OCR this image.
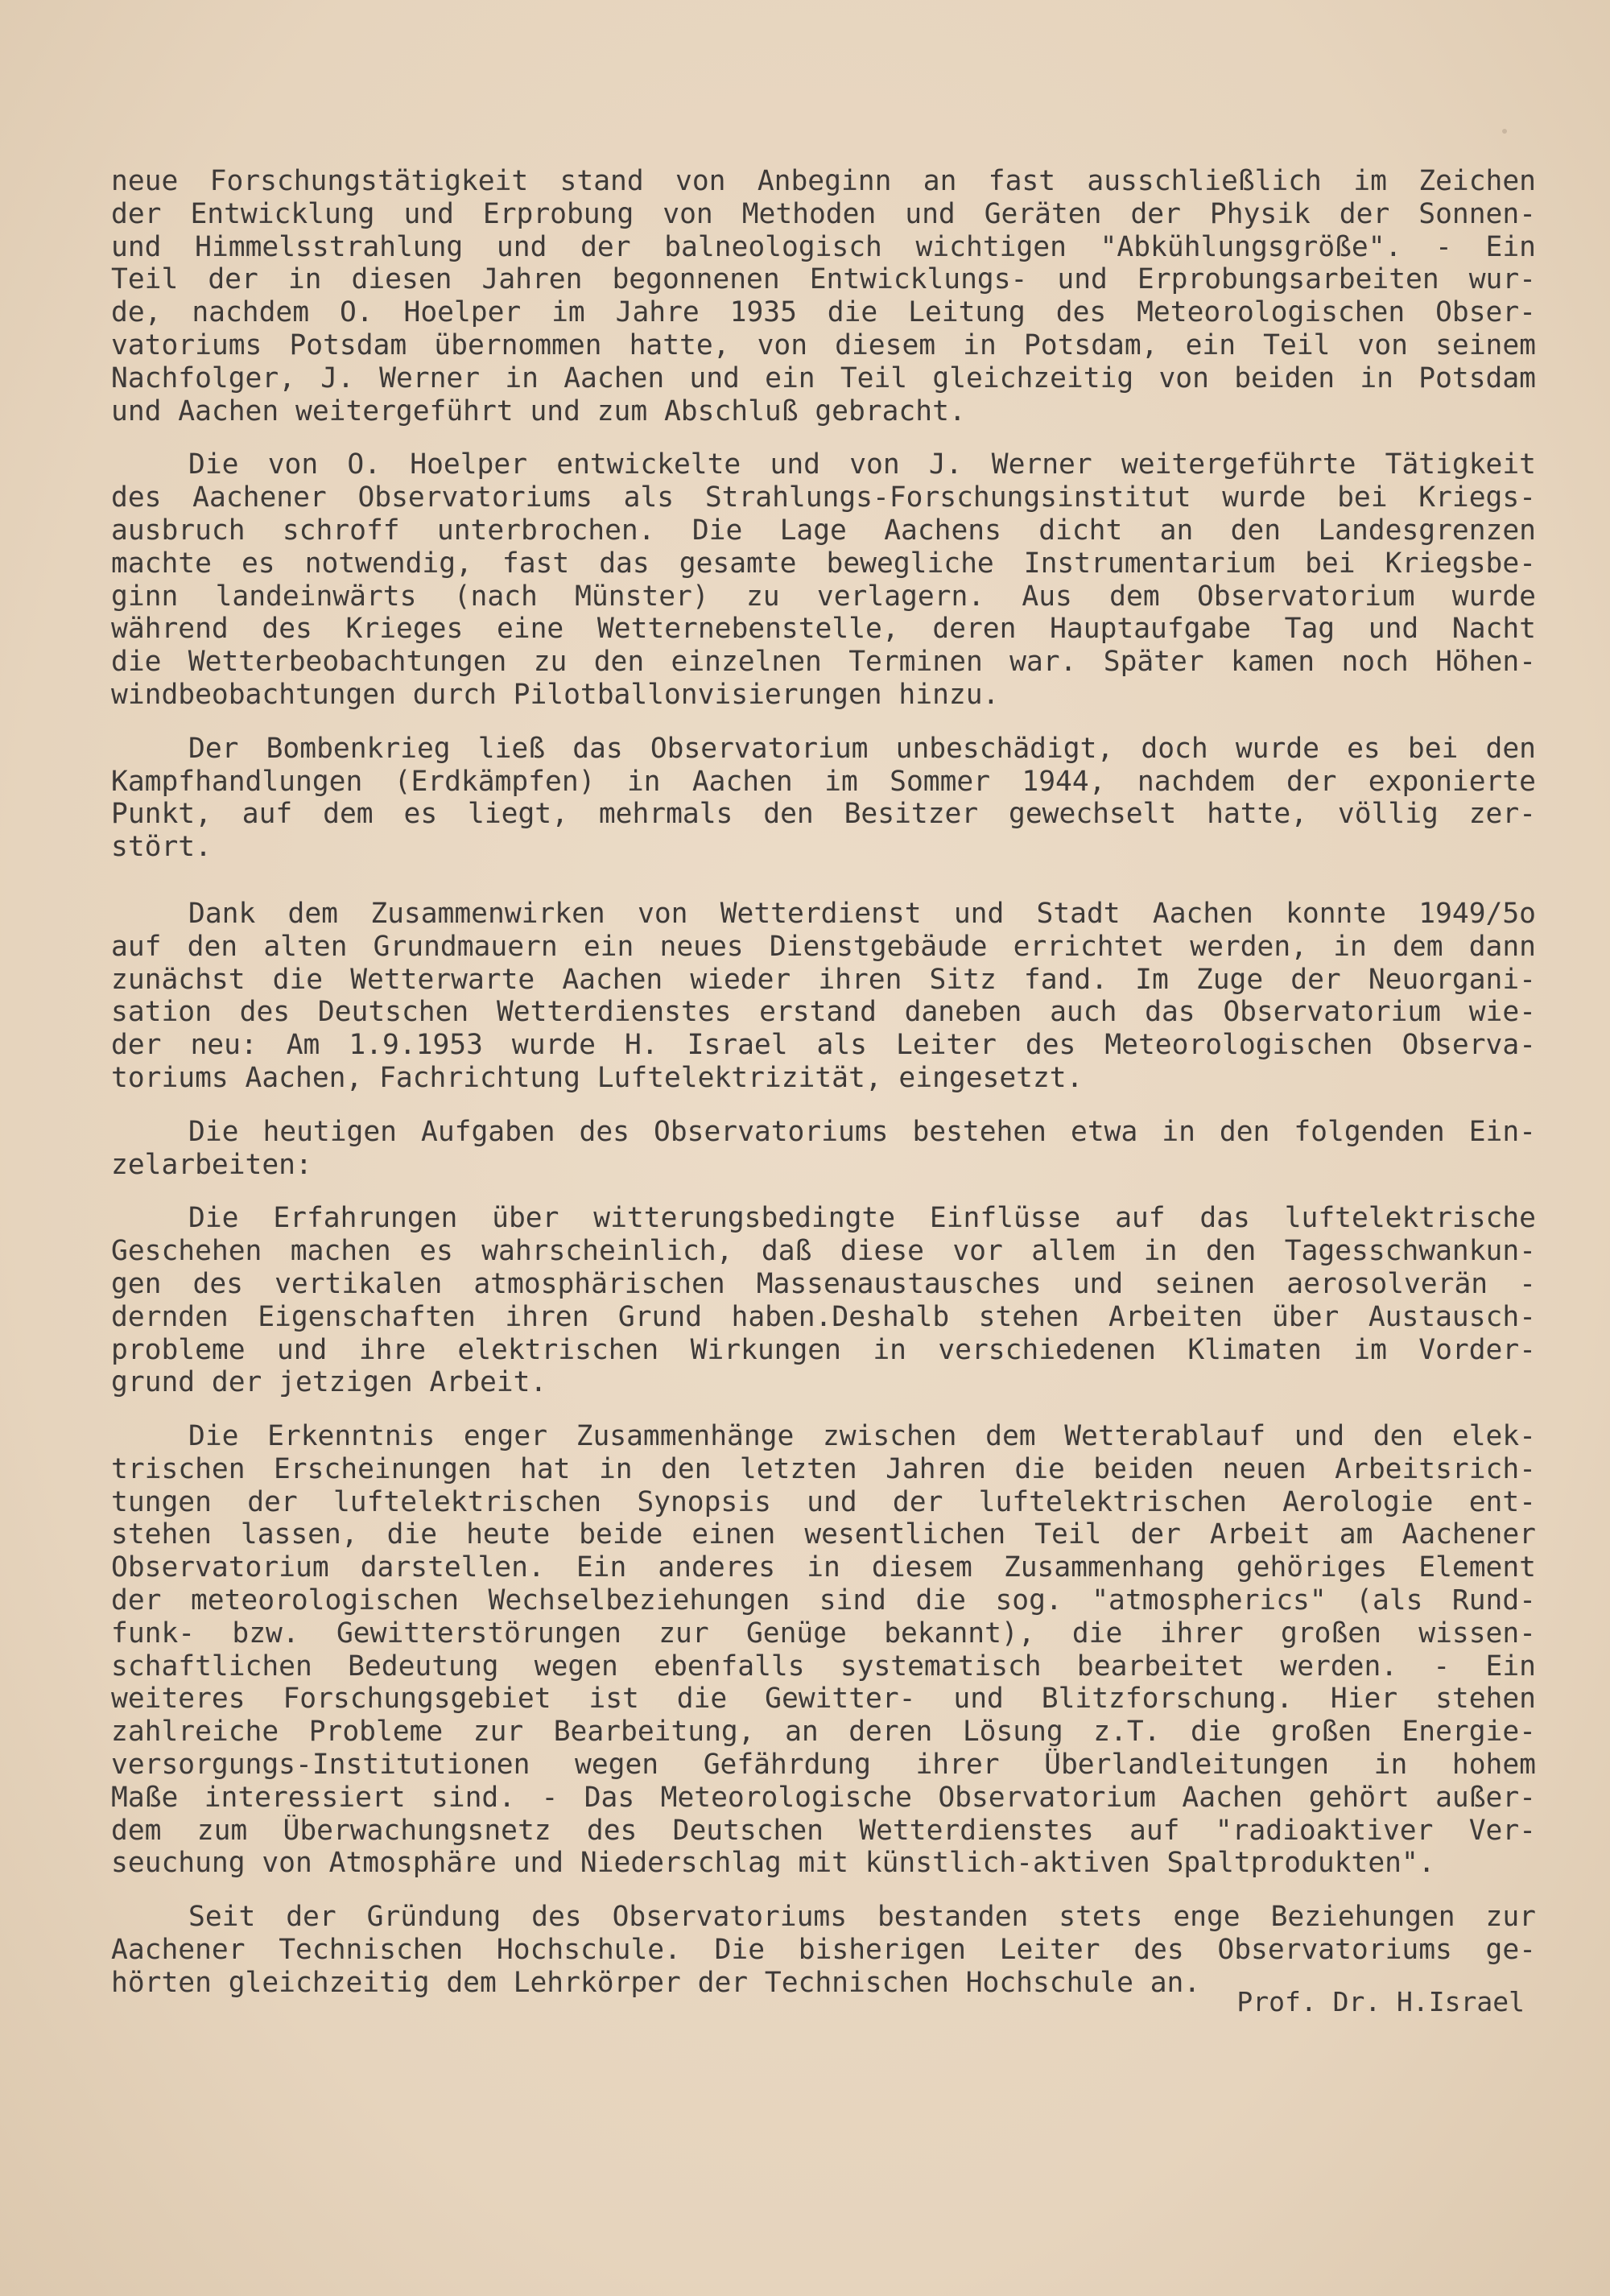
neue Forschungstätigkeit stand von Anbeginn an fast ausschließlich im Zeichen
der Entwicklung und Erprobung von Methoden und Geräten der Physik der Sonnen-
und Himmelsstrahlung und der balneologisch wichtigen "Abkühlungsgröße". - Ein
Teil der in diesen Jahren begonnenen Entwicklungs- und Erprobungsarbeiten wur-
de, nachdem O. Hoelper im Jahre 1935 die Leitung des Meteorologischen Obser-
vatoriums Potsdam übernommen hatte, von diesem in Potsdam, ein Teil von seinem
Nachfolger, J. Werner in Aachen und ein Teil gleichzeitig von beiden in Potsdam
und Aachen weitergeführt und zum Abschluß gebracht.
Die von O. Hoelper entwickelte und von J. Werner weitergeführte Tätigkeit
des Aachener Observatoriums als Strahlungs-Forschungsinstitut wurde bei Kriegs-
ausbruch schroff unterbrochen. Die Lage Aachens dicht an den Landesgrenzen
machte es notwendig, fast das gesamte bewegliche Instrumentarium bei Kriegsbe-
ginn landeinwärts (nach Münster) zu verlagern. Aus dem Observatorium wurde
während des Krieges eine Wetternebenstelle, deren Hauptaufgabe Tag und Nacht
die Wetterbeobachtungen zu den einzelnen Terminen war. Später kamen noch Höhen-
windbeobachtungen durch Pilotballonvisierungen hinzu.
Der Bombenkrieg ließ das Observatorium unbeschädigt, doch wurde es bei den
Kampfhandlungen (Erdkämpfen) in Aachen im Sommer 1944, nachdem der exponierte
Punkt, auf dem es liegt, mehrmals den Besitzer gewechselt hatte, völlig zer-
stört.
Dank dem Zusammenwirken von Wetterdienst und Stadt Aachen konnte 1949/5o
auf den alten Grundmauern ein neues Dienstgebäude errichtet werden, in dem dann
zunächst die Wetterwarte Aachen wieder ihren Sitz fand. Im Zuge der Neuorgani-
sation des Deutschen Wetterdienstes erstand daneben auch das Observatorium wie-
der neu: Am 1.9.1953 wurde H. Israel als Leiter des Meteorologischen Observa-
toriums Aachen, Fachrichtung Luftelektrizität, eingesetzt.
Die heutigen Aufgaben des Observatoriums bestehen etwa in den folgenden Ein-
zelarbeiten:
Die Erfahrungen über witterungsbedingte Einflüsse auf das luftelektrische
Geschehen machen es wahrscheinlich, daß diese vor allem in den Tagesschwankun-
gen des vertikalen atmosphärischen Massenaustausches und seinen aerosolverän -
dernden Eigenschaften ihren Grund haben.Deshalb stehen Arbeiten über Austausch-
probleme und ihre elektrischen Wirkungen in verschiedenen Klimaten im Vorder-
grund der jetzigen Arbeit.
Die Erkenntnis enger Zusammenhänge zwischen dem Wetterablauf und den elek-
trischen Erscheinungen hat in den letzten Jahren die beiden neuen Arbeitsrich-
tungen der luftelektrischen Synopsis und der luftelektrischen Aerologie ent-
stehen lassen, die heute beide einen wesentlichen Teil der Arbeit am Aachener
Observatorium darstellen. Ein anderes in diesem Zusammenhang gehöriges Element
der meteorologischen Wechselbeziehungen sind die sog. "atmospherics" (als Rund-
funk- bzw. Gewitterstörungen zur Genüge bekannt), die ihrer großen wissen-
schaftlichen Bedeutung wegen ebenfalls systematisch bearbeitet werden. - Ein
weiteres Forschungsgebiet ist die Gewitter- und Blitzforschung. Hier stehen
zahlreiche Probleme zur Bearbeitung, an deren Lösung z.T. die großen Energie-
versorgungs-Institutionen wegen Gefährdung ihrer Überlandleitungen in hohem
Maße interessiert sind. - Das Meteorologische Observatorium Aachen gehört außer-
dem zum Überwachungsnetz des Deutschen Wetterdienstes auf "radioaktiver Ver-
seuchung von Atmosphäre und Niederschlag mit künstlich-aktiven Spaltprodukten".
Seit der Gründung des Observatoriums bestanden stets enge Beziehungen zur
Aachener Technischen Hochschule. Die bisherigen Leiter des Observatoriums ge-
hörten gleichzeitig dem Lehrkörper der Technischen Hochschule an.
Prof. Dr. H.Israel
